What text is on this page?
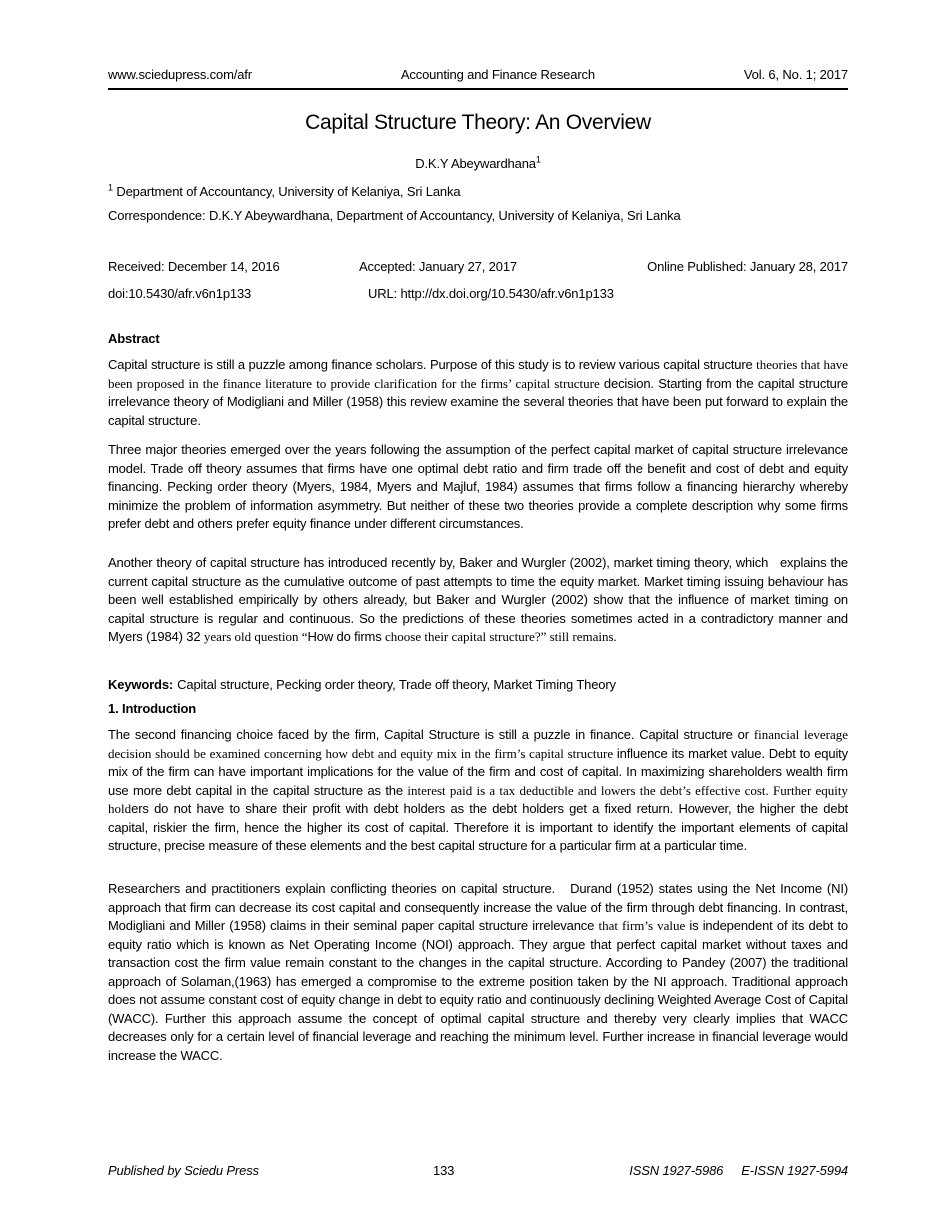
www.sciedupress.com/afr	Accounting and Finance Research	Vol. 6, No. 1; 2017
Capital Structure Theory: An Overview
D.K.Y Abeywardhana$^1$
$^1$ Department of Accountancy, University of Kelaniya, Sri Lanka
Correspondence: D.K.Y Abeywardhana, Department of Accountancy, University of Kelaniya, Sri Lanka
Received: December 14, 2016	Accepted: January 27, 2017	Online Published: January 28, 2017
doi:10.5430/afr.v6n1p133	URL: http://dx.doi.org/10.5430/afr.v6n1p133
Abstract

Capital structure is still a puzzle among finance scholars. Purpose of this study is to review various capital structure theories that have been proposed in the finance literature to provide clarification for the firms’ capital structure decision. Starting from the capital structure irrelevance theory of Modigliani and Miller (1958) this review examine the several theories that have been put forward to explain the capital structure.

Three major theories emerged over the years following the assumption of the perfect capital market of capital structure irrelevance model. Trade off theory assumes that firms have one optimal debt ratio and firm trade off the benefit and cost of debt and equity financing. Pecking order theory (Myers, 1984, Myers and Majluf, 1984) assumes that firms follow a financing hierarchy whereby minimize the problem of information asymmetry. But neither of these two theories provide a complete description why some firms prefer debt and others prefer equity finance under different circumstances.

Another theory of capital structure has introduced recently by, Baker and Wurgler (2002), market timing theory, which   explains the current capital structure as the cumulative outcome of past attempts to time the equity market. Market timing issuing behaviour has been well established empirically by others already, but Baker and Wurgler (2002) show that the influence of market timing on capital structure is regular and continuous. So the predictions of these theories sometimes acted in a contradictory manner and Myers (1984) 32 years old question “How do firms choose their capital structure?” still remains.

Keywords: Capital structure, Pecking order theory, Trade off theory, Market Timing Theory
1. Introduction

The second financing choice faced by the firm, Capital Structure is still a puzzle in finance. Capital structure or financial leverage decision should be examined concerning how debt and equity mix in the firm’s capital structure influence its market value. Debt to equity mix of the firm can have important implications for the value of the firm and cost of capital. In maximizing shareholders wealth firm use more debt capital in the capital structure as the interest paid is a tax deductible and lowers the debt’s effective cost. Further equity holders do not have to share their profit with debt holders as the debt holders get a fixed return. However, the higher the debt capital, riskier the firm, hence the higher its cost of capital. Therefore it is important to identify the important elements of capital structure, precise measure of these elements and the best capital structure for a particular firm at a particular time.

Researchers and practitioners explain conflicting theories on capital structure.   Durand (1952) states using the Net Income (NI) approach that firm can decrease its cost capital and consequently increase the value of the firm through debt financing. In contrast, Modigliani and Miller (1958) claims in their seminal paper capital structure irrelevance that firm’s value is independent of its debt to equity ratio which is known as Net Operating Income (NOI) approach. They argue that perfect capital market without taxes and transaction cost the firm value remain constant to the changes in the capital structure. According to Pandey (2007) the traditional approach of Solaman,(1963) has emerged a compromise to the extreme position taken by the NI approach. Traditional approach does not assume constant cost of equity change in debt to equity ratio and continuously declining Weighted Average Cost of Capital (WACC). Further this approach assume the concept of optimal capital structure and thereby very clearly implies that WACC decreases only for a certain level of financial leverage and reaching the minimum level. Further increase in financial leverage would increase the WACC.

Published by Sciedu Press	133	ISSN 1927-5986 E-ISSN 1927-5994
